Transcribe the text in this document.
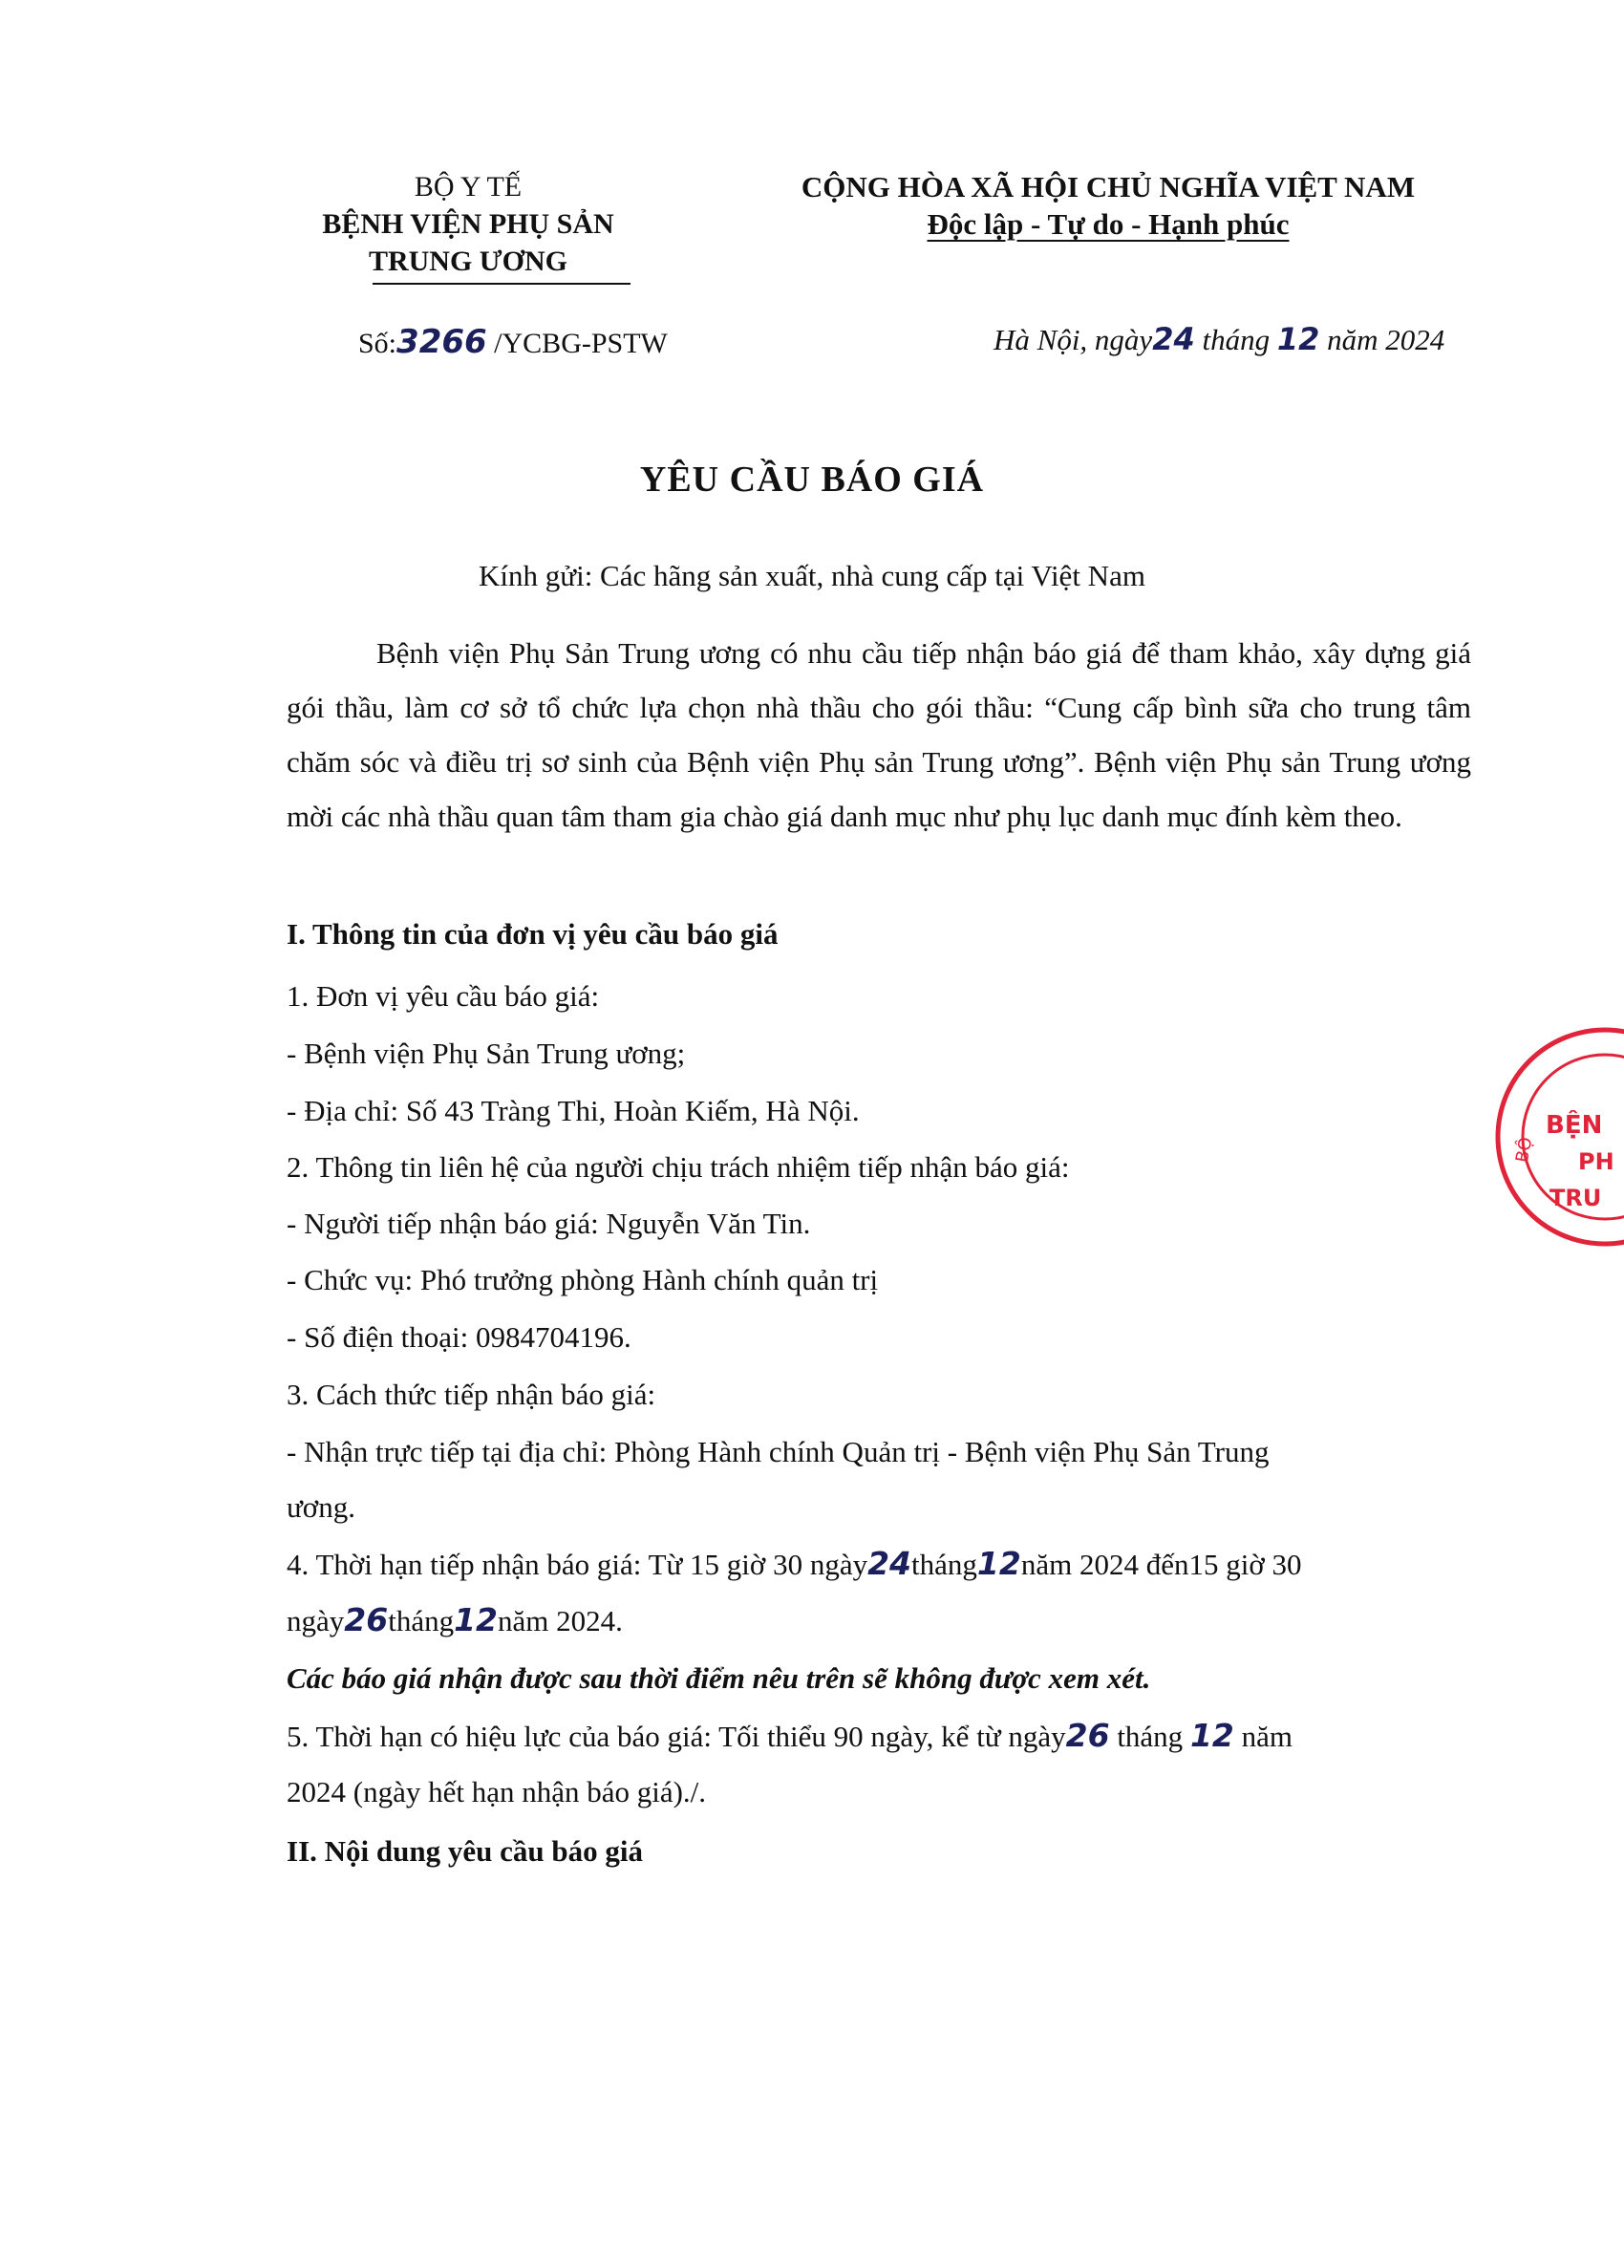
BỘ Y TẾ
BỆNH VIỆN PHỤ SẢN
TRUNG ƯƠNG
CỘNG HÒA XÃ HỘI CHỦ NGHĨA VIỆT NAM
Độc lập - Tự do - Hạnh phúc
Số:3266 /YCBG-PSTW	Hà Nội, ngày24 tháng 12 năm 2024
YÊU CẦU BÁO GIÁ
Kính gửi: Các hãng sản xuất, nhà cung cấp tại Việt Nam
Bệnh viện Phụ Sản Trung ương có nhu cầu tiếp nhận báo giá để tham khảo, xây dựng giá gói thầu, làm cơ sở tổ chức lựa chọn nhà thầu cho gói thầu: “Cung cấp bình sữa cho trung tâm chăm sóc và điều trị sơ sinh của Bệnh viện Phụ sản Trung ương”. Bệnh viện Phụ sản Trung ương mời các nhà thầu quan tâm tham gia chào giá danh mục như phụ lục danh mục đính kèm theo.
I. Thông tin của đơn vị yêu cầu báo giá
1. Đơn vị yêu cầu báo giá:
- Bệnh viện Phụ Sản Trung ương;
- Địa chỉ: Số 43 Tràng Thi, Hoàn Kiếm, Hà Nội.
2. Thông tin liên hệ của người chịu trách nhiệm tiếp nhận báo giá:
- Người tiếp nhận báo giá: Nguyễn Văn Tin.
- Chức vụ: Phó trưởng phòng Hành chính quản trị
- Số điện thoại: 0984704196.
3. Cách thức tiếp nhận báo giá:
- Nhận trực tiếp tại địa chỉ: Phòng Hành chính Quản trị - Bệnh viện Phụ Sản Trung
ương.
4. Thời hạn tiếp nhận báo giá: Từ 15 giờ 30 ngày24tháng12năm 2024 đến15 giờ 30
ngày26tháng12năm 2024.
Các báo giá nhận được sau thời điểm nêu trên sẽ không được xem xét.
5. Thời hạn có hiệu lực của báo giá: Tối thiểu 90 ngày, kể từ ngày26 tháng 12 năm
2024 (ngày hết hạn nhận báo giá)./.
II. Nội dung yêu cầu báo giá
BỆN
PH
TRU
BỘ
